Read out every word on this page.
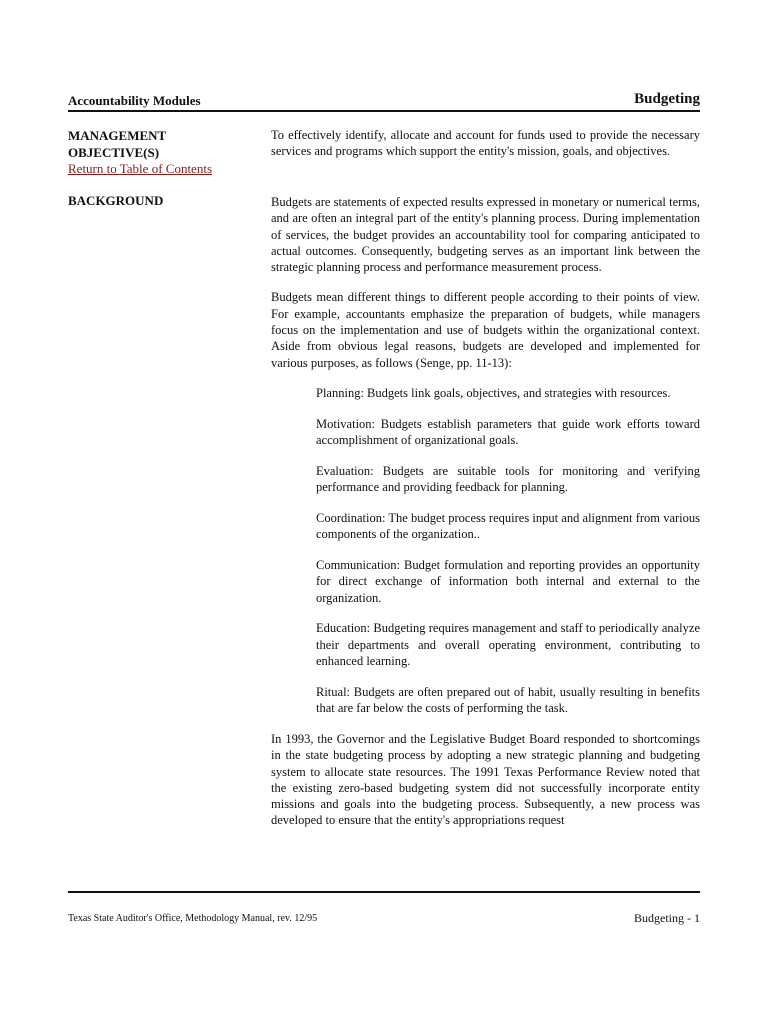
Accountability Modules	Budgeting
MANAGEMENT
OBJECTIVE(S)
Return to Table of Contents
BACKGROUND

To effectively identify, allocate and account for funds used to provide the necessary services and programs which support the entity's mission, goals, and objectives.

Budgets are statements of expected results expressed in monetary or numerical terms, and are often an integral part of the entity's planning process. During implementation of services, the budget provides an accountability tool for comparing anticipated to actual outcomes. Consequently, budgeting serves as an important link between the strategic planning process and performance measurement process.

Budgets mean different things to different people according to their points of view. For example, accountants emphasize the preparation of budgets, while managers focus on the implementation and use of budgets within the organizational context. Aside from obvious legal reasons, budgets are developed and implemented for various purposes, as follows (Senge, pp. 11-13):

Planning: Budgets link goals, objectives, and strategies with resources.
Motivation: Budgets establish parameters that guide work efforts toward accomplishment of organizational goals.
Evaluation: Budgets are suitable tools for monitoring and verifying performance and providing feedback for planning.
Coordination: The budget process requires input and alignment from various components of the organization..
Communication: Budget formulation and reporting provides an opportunity for direct exchange of information both internal and external to the organization.
Education: Budgeting requires management and staff to periodically analyze their departments and overall operating environment, contributing to enhanced learning.
Ritual: Budgets are often prepared out of habit, usually resulting in benefits that are far below the costs of performing the task.

In 1993, the Governor and the Legislative Budget Board responded to shortcomings in the state budgeting process by adopting a new strategic planning and budgeting system to allocate state resources. The 1991 Texas Performance Review noted that the existing zero-based budgeting system did not successfully incorporate entity missions and goals into the budgeting process. Subsequently, a new process was developed to ensure that the entity's appropriations request

Texas State Auditor's Office, Methodology Manual, rev. 12/95	Budgeting - 1
